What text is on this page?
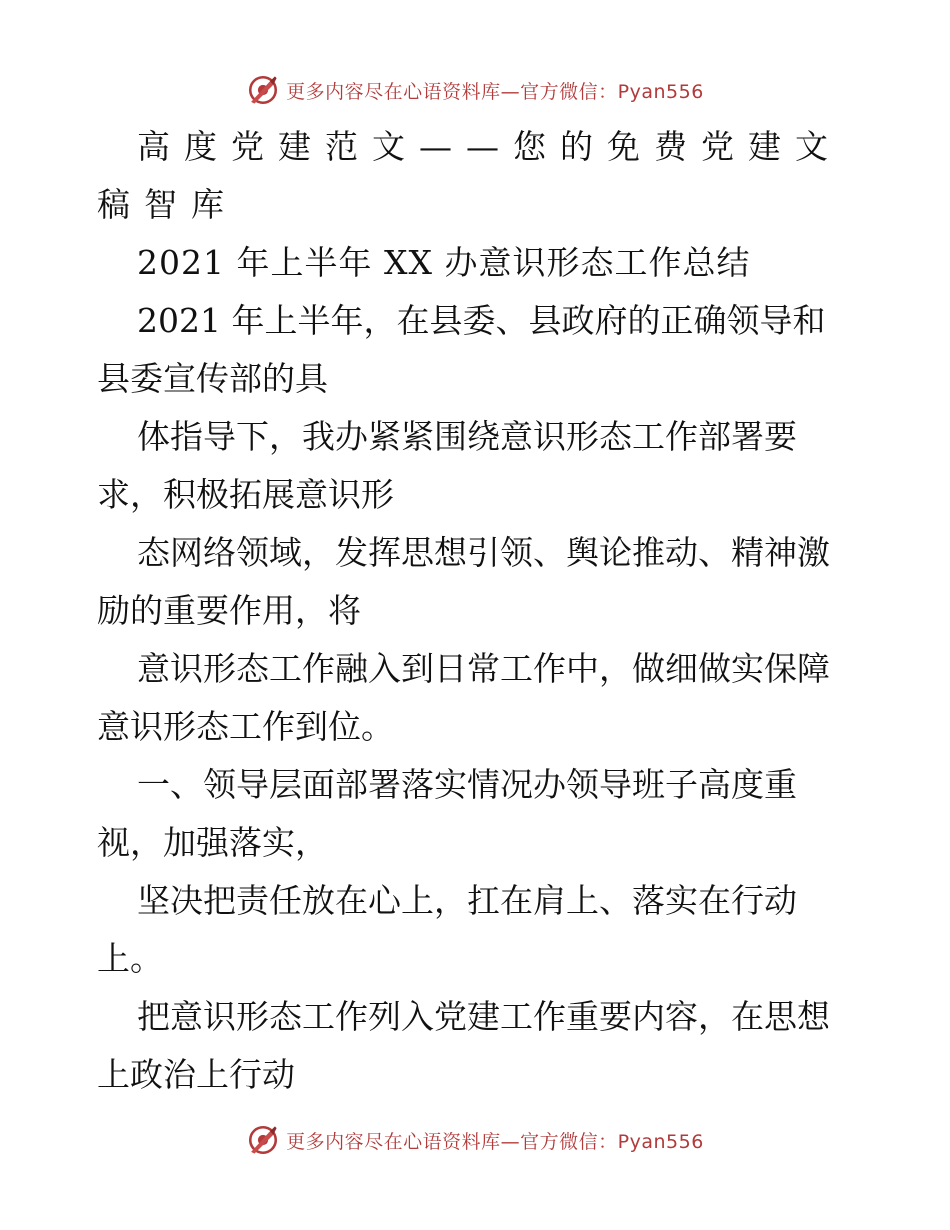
更多内容尽在心语资料库—官方微信：Pyan556

高度党建范文——您的免费党建文稿智库

2021 年上半年 XX 办意识形态工作总结

2021 年上半年，在县委、县政府的正确领导和县委宣传部的具

体指导下，我办紧紧围绕意识形态工作部署要求，积极拓展意识形

态网络领域，发挥思想引领、舆论推动、精神激励的重要作用，将

意识形态工作融入到日常工作中，做细做实保障意识形态工作到位。

一、领导层面部署落实情况办领导班子高度重视，加强落实，

坚决把责任放在心上，扛在肩上、落实在行动上。

把意识形态工作列入党建工作重要内容，在思想上政治上行动

更多内容尽在心语资料库—官方微信：Pyan556
